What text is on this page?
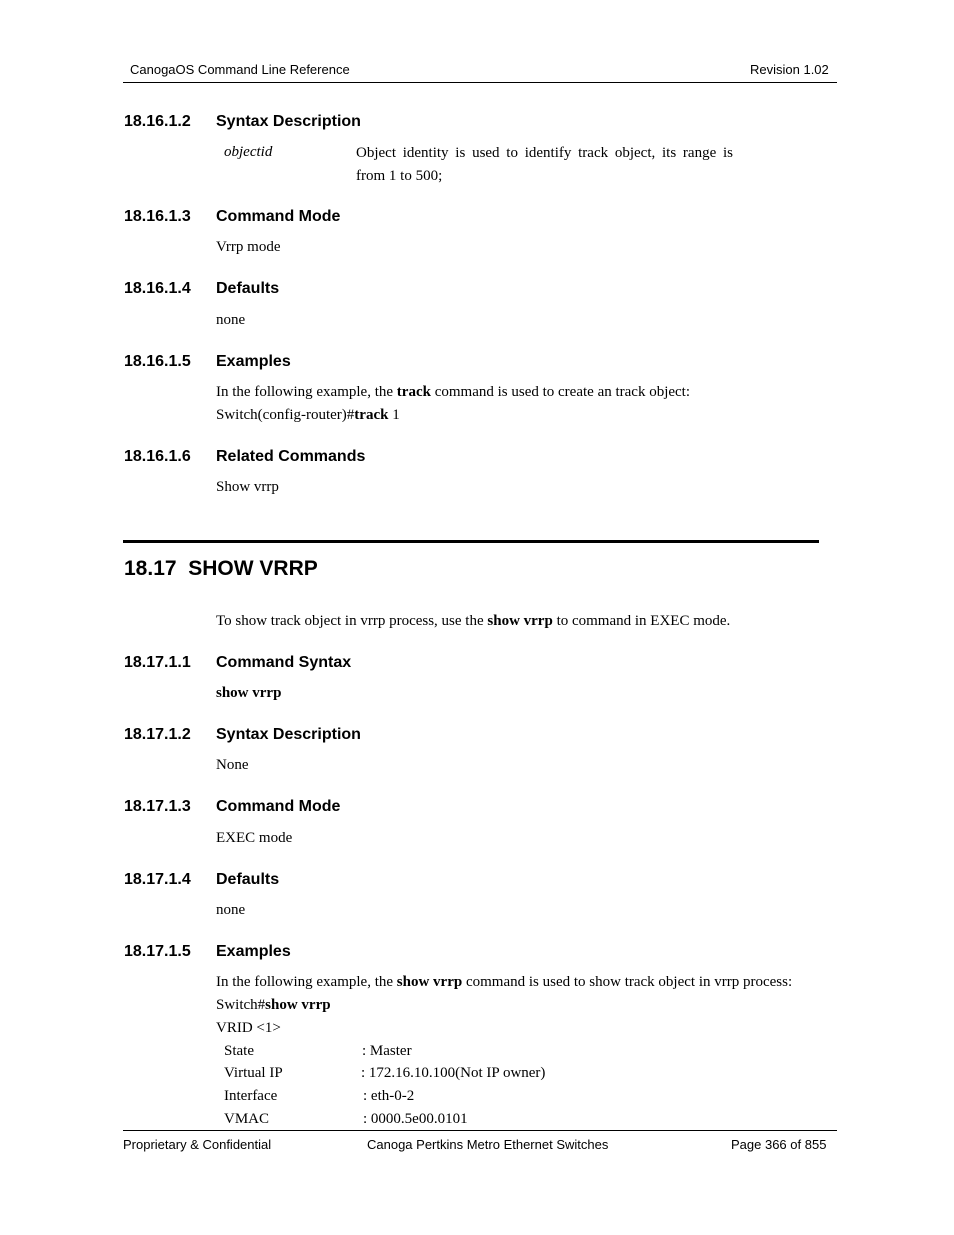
CanogaOS Command Line Reference	Revision 1.02
18.16.1.2 Syntax Description
objectid	Object identity is used to identify track object, its range is from 1 to 500;
18.16.1.3 Command Mode
Vrrp mode
18.16.1.4 Defaults
none
18.16.1.5 Examples
In the following example, the track command is used to create an track object:
Switch(config-router)#track 1
18.16.1.6 Related Commands
Show vrrp
18.17 SHOW VRRP
To show track object in vrrp process, use the show vrrp to command in EXEC mode.
18.17.1.1 Command Syntax
show vrrp
18.17.1.2 Syntax Description
None
18.17.1.3 Command Mode
EXEC mode
18.17.1.4 Defaults
none
18.17.1.5 Examples
In the following example, the show vrrp command is used to show track object in vrrp process:
Switch#show vrrp
VRID <1>
State	: Master
Virtual IP	: 172.16.10.100(Not IP owner)
Interface	: eth-0-2
VMAC	: 0000.5e00.0101
Proprietary & Confidential	Canoga Pertkins Metro Ethernet Switches	Page 366 of 855
